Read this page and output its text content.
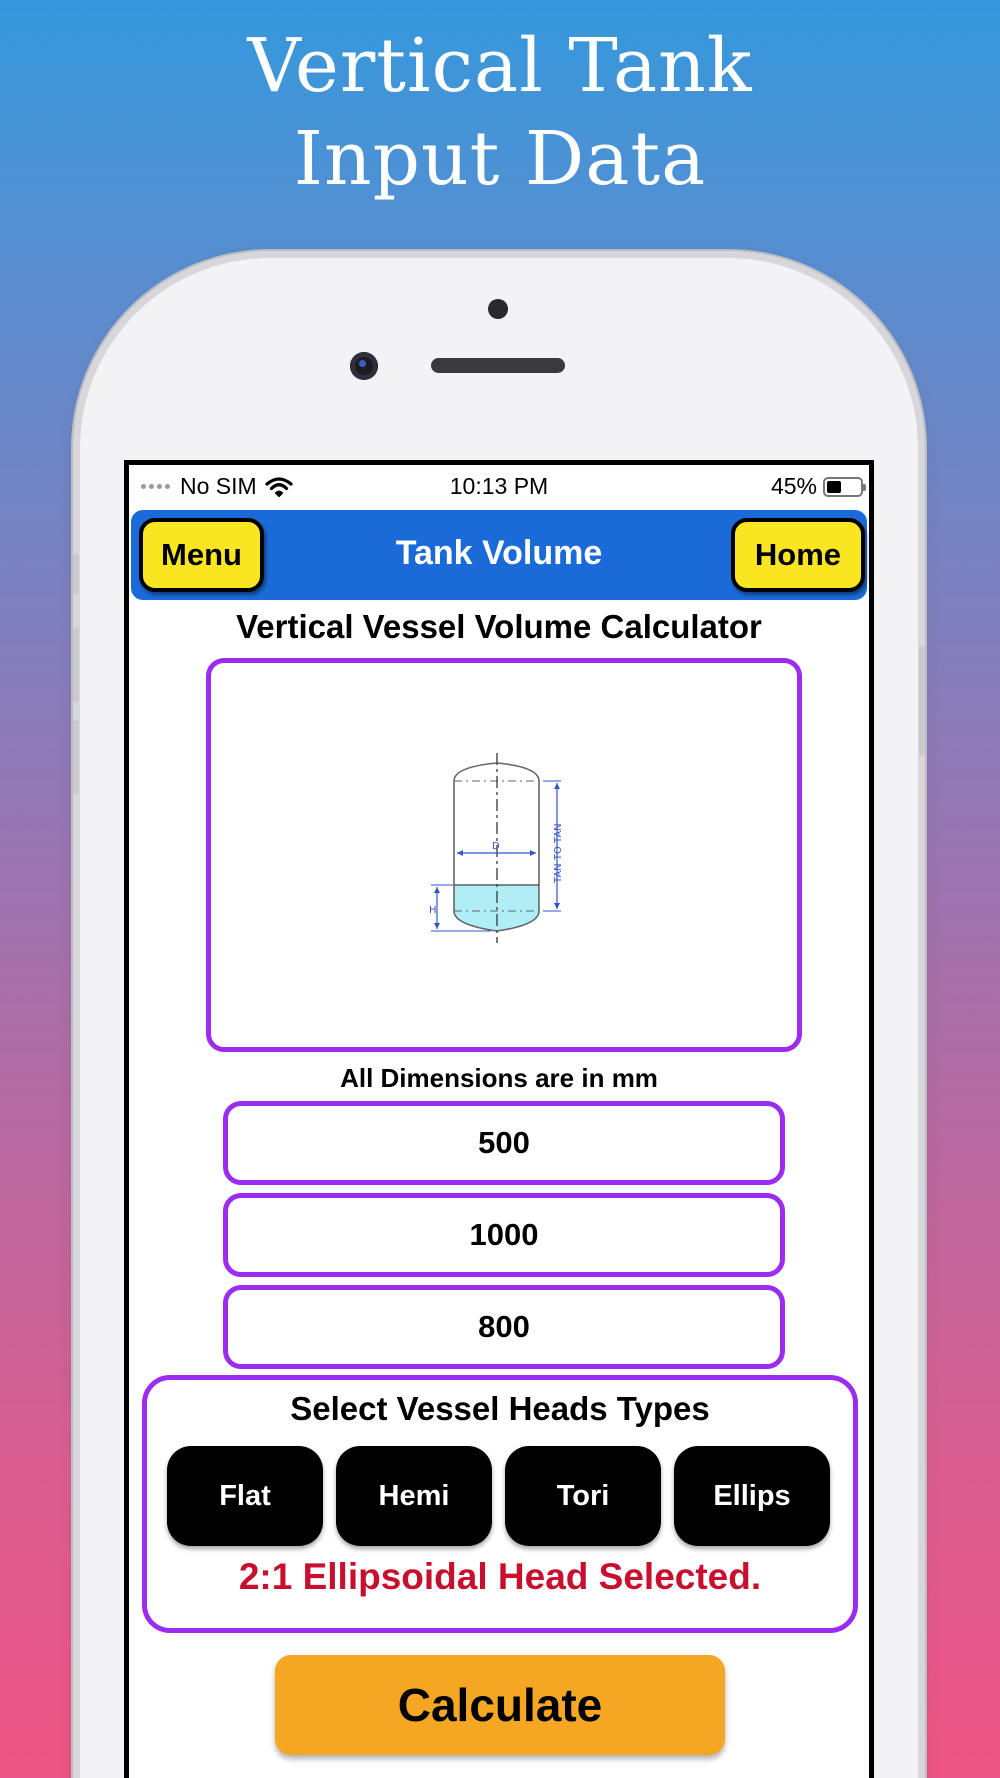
Vertical Tank
Input Data
No SIM	10:13 PM	45%
Menu	Tank Volume	Home
Vertical Vessel Volume Calculator
D	TAN TO TAN
H
All Dimensions are in mm
500
1000
800
Select Vessel Heads Types
Flat	Hemi	Tori	Ellips
2:1 Ellipsoidal Head Selected.
Calculate
